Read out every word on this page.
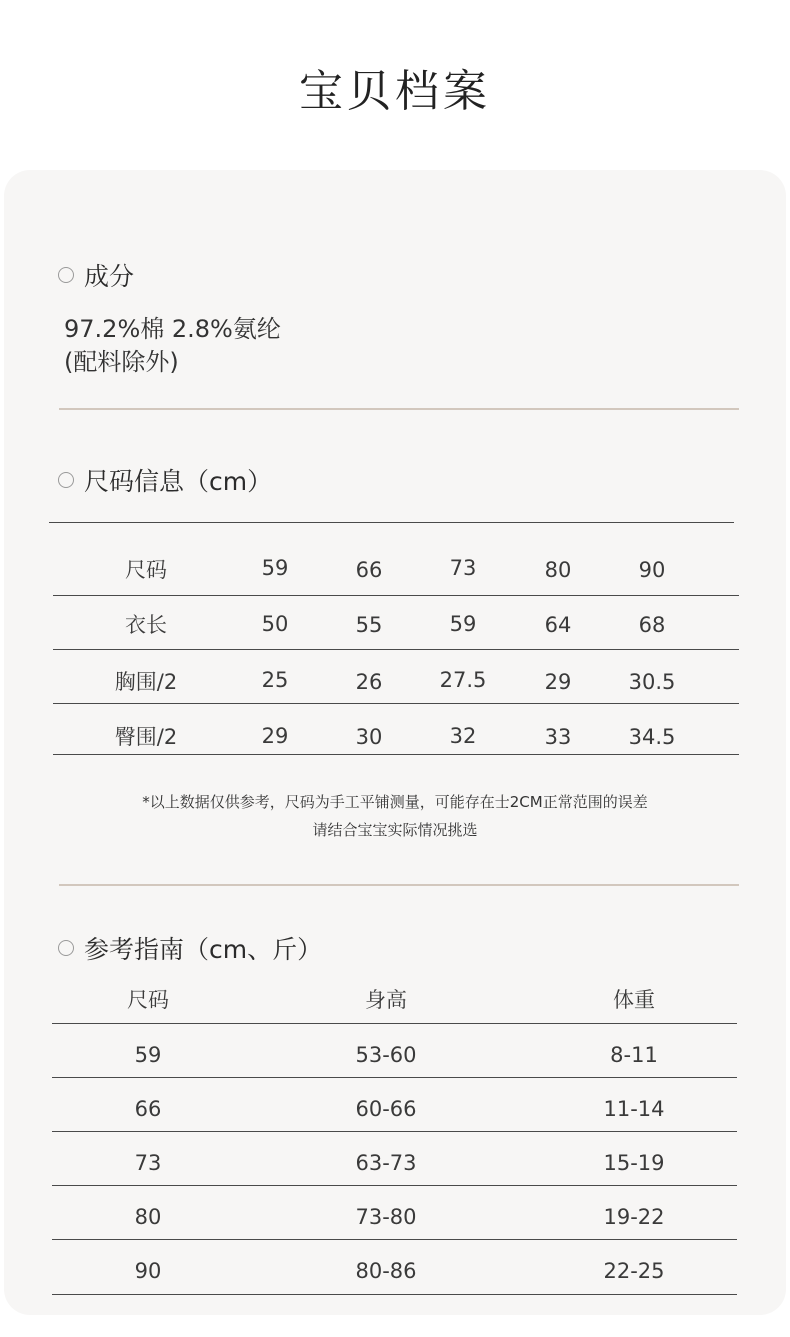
宝贝档案
成分
97.2%棉 2.8%氨纶
(配料除外)
尺码信息（cm）
尺码	59	66	73	80	90
衣长	50	55	59	64	68
胸围/2	25	26	27.5	29	30.5
臀围/2	29	30	32	33	34.5
*以上数据仅供参考，尺码为手工平铺测量，可能存在士2CM正常范围的误差
请结合宝宝实际情况挑选
参考指南（cm、斤）
尺码	身高	体重
59	53-60	8-11
66	60-66	11-14
73	63-73	15-19
80	73-80	19-22
90	80-86	22-25
